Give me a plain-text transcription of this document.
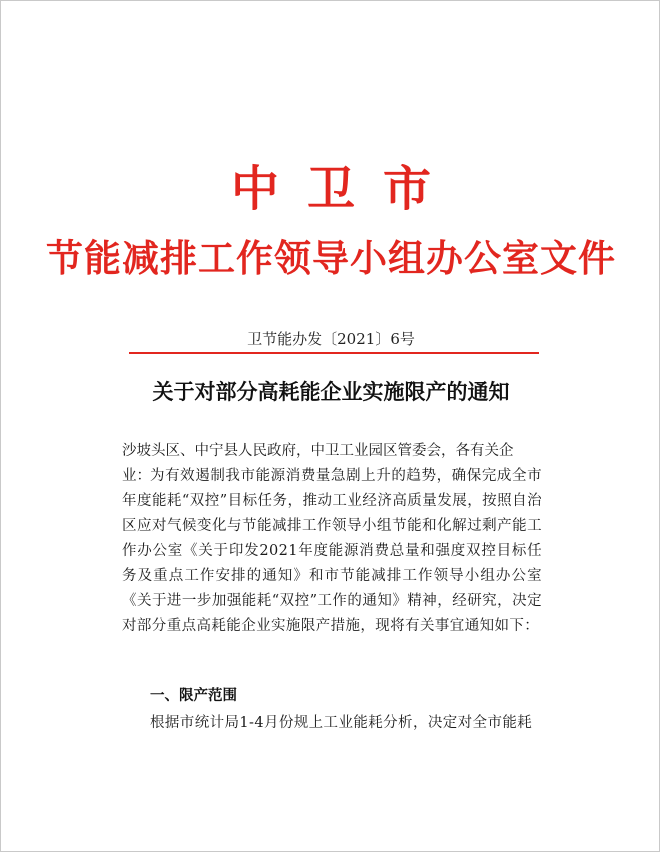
中卫市
节能减排工作领导小组办公室文件
卫节能办发〔2021〕6号
关于对部分高耗能企业实施限产的通知
沙坡头区、中宁县人民政府，中卫工业园区管委会，各有关企业： 为有效遏制我市能源消费量急剧上升的趋势，确保完成全市年度能耗“双控”目标任务，推动工业经济高质量发展，按照自治区应对气候变化与节能减排工作领导小组节能和化解过剩产能工作办公室《关于印发2021年度能源消费总量和强度双控目标任务及重点工作安排的通知》和市节能减排工作领导小组办公室《关于进一步加强能耗“双控”工作的通知》精神，经研究，决定对部分重点高耗能企业实施限产措施，现将有关事宜通知如下：
一、限产范围
根据市统计局1-4月份规上工业能耗分析，决定对全市能耗
